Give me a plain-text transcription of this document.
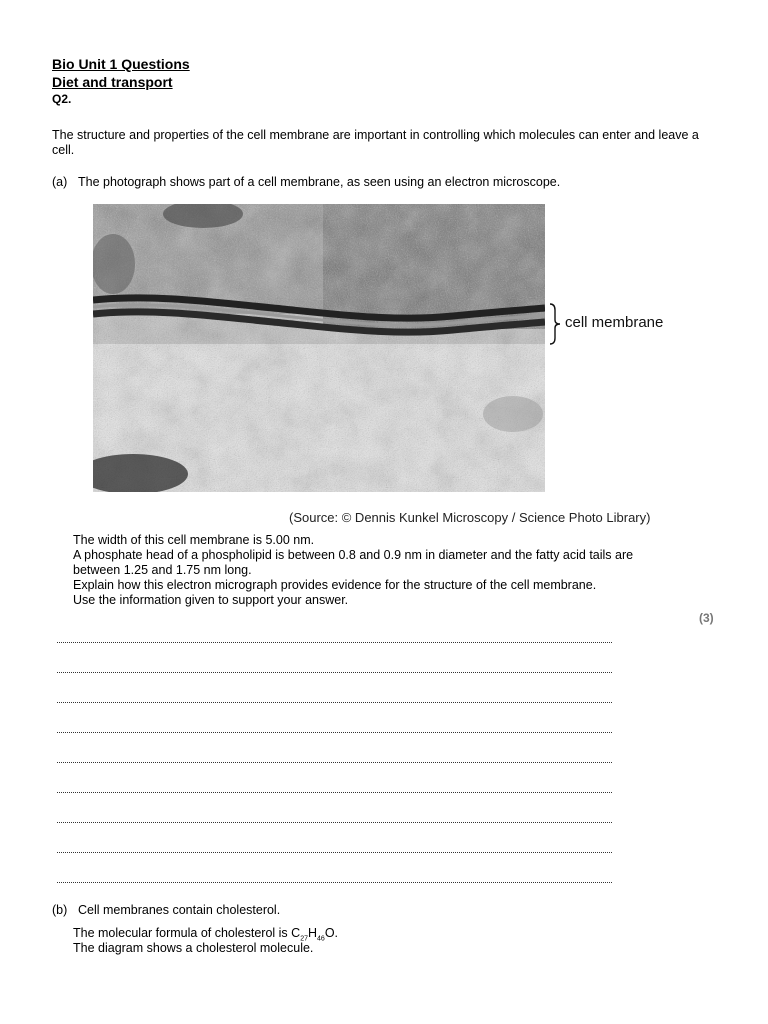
Bio Unit 1 Questions
Diet and transport
Q2.
The structure and properties of the cell membrane are important in controlling which molecules can enter and leave a cell.
(a) The photograph shows part of a cell membrane, as seen using an electron microscope.
cell membrane
(Source: © Dennis Kunkel Microscopy / Science Photo Library)
The width of this cell membrane is 5.00 nm.
A phosphate head of a phospholipid is between 0.8 and 0.9 nm in diameter and the fatty acid tails are
between 1.25 and 1.75 nm long.
Explain how this electron micrograph provides evidence for the structure of the cell membrane.
Use the information given to support your answer.
(3)
(b) Cell membranes contain cholesterol.
The molecular formula of cholesterol is $C_{27}H_{46}O$.
The diagram shows a cholesterol molecule.
